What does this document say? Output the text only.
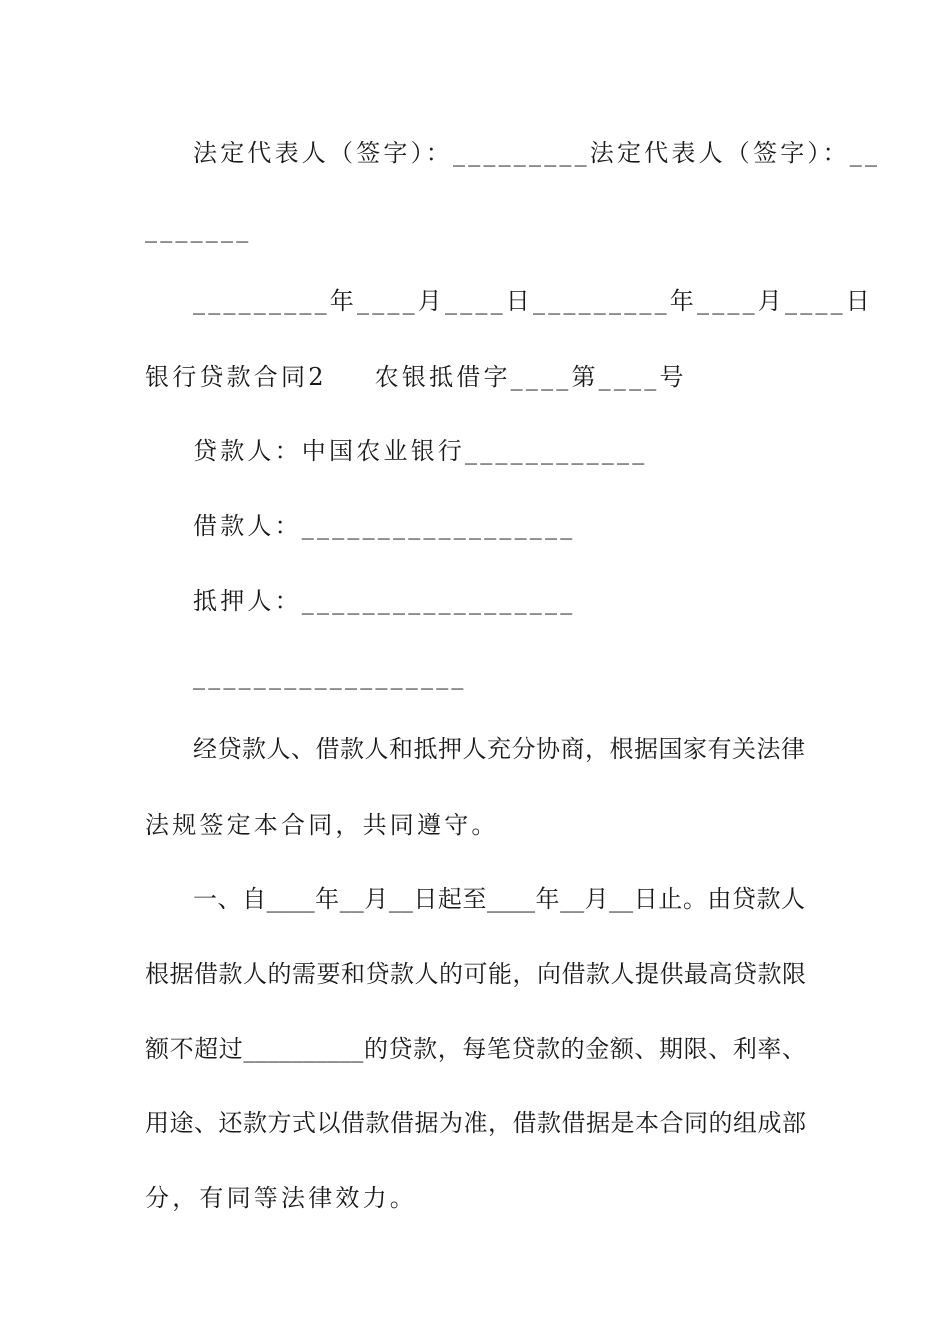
法定代表人（签字）：_________法定代表人（签字）：__
_______
_________年____月____日_________年____月____日
银行贷款合同2 农银抵借字____第____号
贷款人：中国农业银行____________
借款人：__________________
抵押人：__________________
__________________
经贷款人、借款人和抵押人充分协商，根据国家有关法律
法规签定本合同，共同遵守。
一、自____年__月__日起至____年__月__日止。由贷款人
根据借款人的需要和贷款人的可能，向借款人提供最高贷款限
额不超过__________的贷款，每笔贷款的金额、期限、利率、
用途、还款方式以借款借据为准，借款借据是本合同的组成部
分，有同等法律效力。
